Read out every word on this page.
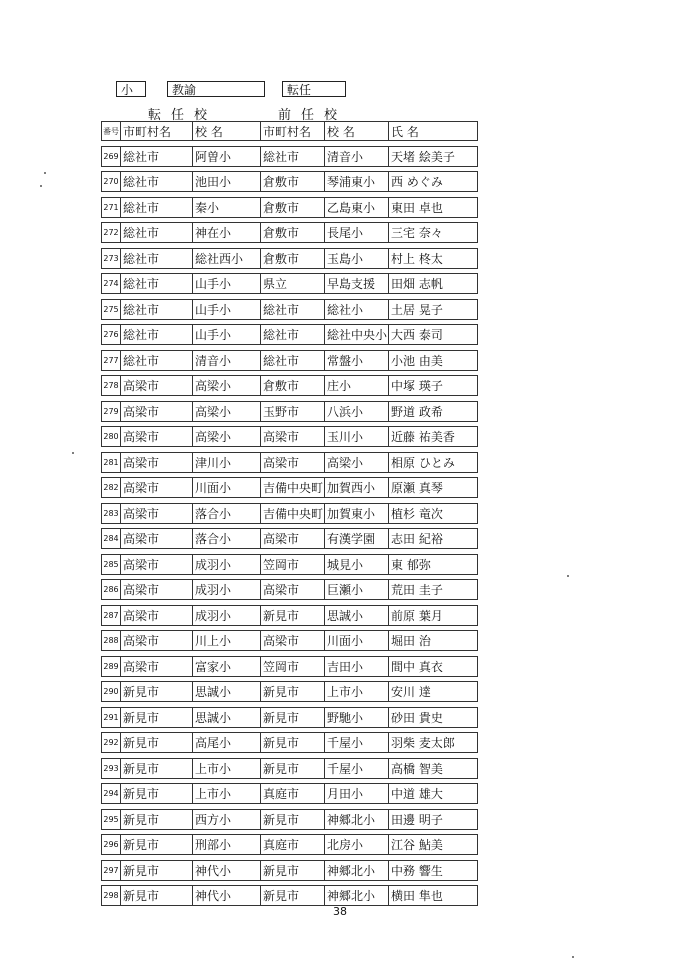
小	教諭	転任
転任校	前任校
番号	市町村名	校 名	市町村名	校 名	氏 名

269	総社市	阿曽小	総社市	清音小	天堵 絵美子

270	総社市	池田小	倉敷市	琴浦東小	西 めぐみ

271	総社市	秦小	倉敷市	乙島東小	東田 卓也

272	総社市	神在小	倉敷市	長尾小	三宅 奈々

273	総社市	総社西小	倉敷市	玉島小	村上 柊太

274	総社市	山手小	県立	早島支援	田畑 志帆

275	総社市	山手小	総社市	総社小	土居 晃子

276	総社市	山手小	総社市	総社中央小	大西 泰司

277	総社市	清音小	総社市	常盤小	小池 由美

278	高梁市	高梁小	倉敷市	庄小	中塚 瑛子

279	高梁市	高梁小	玉野市	八浜小	野道 政希

280	高梁市	高梁小	高梁市	玉川小	近藤 祐美香

281	高梁市	津川小	高梁市	高梁小	相原 ひとみ

282	高梁市	川面小	吉備中央町	加賀西小	原瀬 真琴

283	高梁市	落合小	吉備中央町	加賀東小	植杉 竜次

284	高梁市	落合小	高梁市	有漢学園	志田 紀裕

285	高梁市	成羽小	笠岡市	城見小	東 郁弥

286	高梁市	成羽小	高梁市	巨瀬小	荒田 圭子

287	高梁市	成羽小	新見市	思誠小	前原 葉月

288	高梁市	川上小	高梁市	川面小	堀田 治

289	高梁市	富家小	笠岡市	吉田小	間中 真衣

290	新見市	思誠小	新見市	上市小	安川 達

291	新見市	思誠小	新見市	野馳小	砂田 貴史

292	新見市	高尾小	新見市	千屋小	羽柴 麦太郎

293	新見市	上市小	新見市	千屋小	高橋 智美

294	新見市	上市小	真庭市	月田小	中道 雄大

295	新見市	西方小	新見市	神郷北小	田邊 明子

296	新見市	刑部小	真庭市	北房小	江谷 鮎美

297	新見市	神代小	新見市	神郷北小	中務 響生

298	新見市	神代小	新見市	神郷北小	横田 隼也
38
